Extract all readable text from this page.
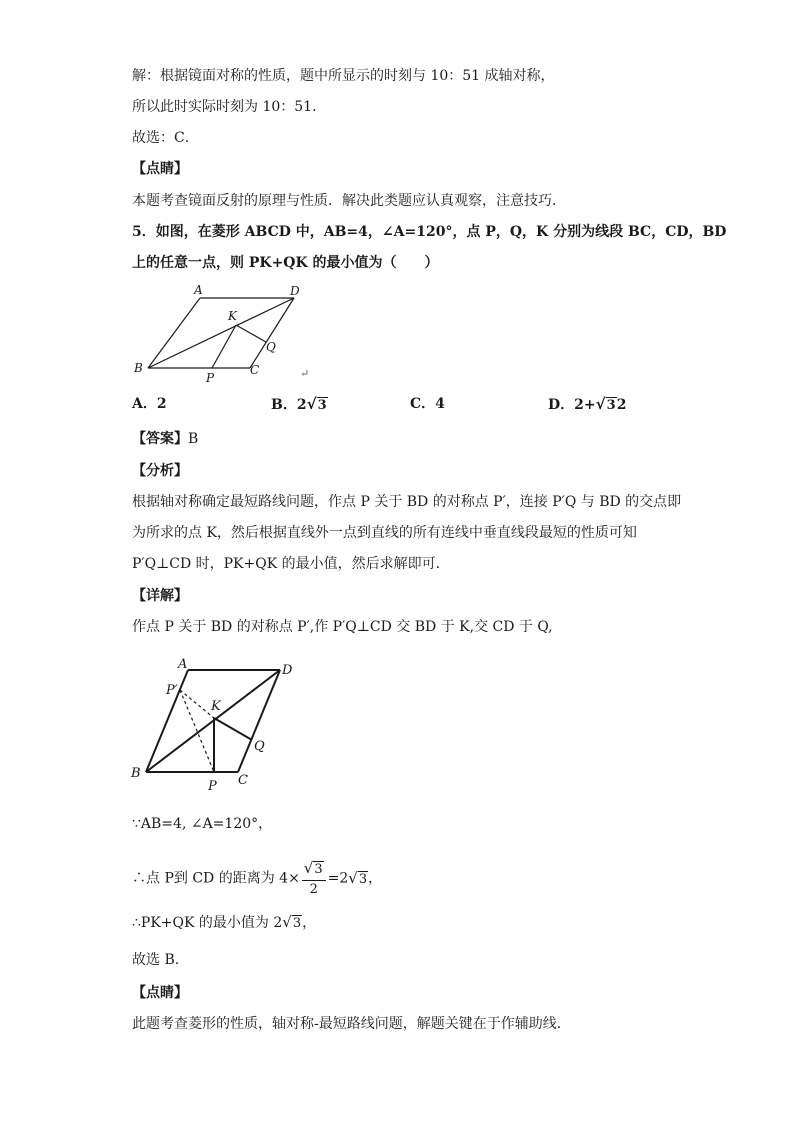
解：根据镜面对称的性质，题中所显示的时刻与 10：51 成轴对称，
所以此时实际时刻为 10：51．
故选：C．
【点睛】
本题考查镜面反射的原理与性质．解决此类题应认真观察，注意技巧．
5．如图，在菱形 ABCD 中，AB=4，∠A=120°，点 P，Q，K 分别为线段 BC，CD，BD
上的任意一点，则 PK+QK 的最小值为（　　）
A	D
K
Q
B
P
C	↵
A．2	B．2√3	C．4	D．2+√32
【答案】B
【分析】
根据轴对称确定最短路线问题，作点 P 关于 BD 的对称点 P′，连接 P′Q 与 BD 的交点即
为所求的点 K，然后根据直线外一点到直线的所有连线中垂直线段最短的性质可知
P′Q⊥CD 时，PK+QK 的最小值，然后求解即可．
【详解】
作点 P 关于 BD 的对称点 P′,作 P′Q⊥CD 交 BD 于 K,交 CD 于 Q,
A	D
P′
K
Q
B
P C
∵AB=4, ∠A=120°，
∴点 P到 CD 的距离为 $4\times \frac{√3}{2} =2√3$，
∴PK+QK 的最小值为 2√3，
故选 B.
【点睛】
此题考查菱形的性质，轴对称-最短路线问题，解题关键在于作辅助线.
